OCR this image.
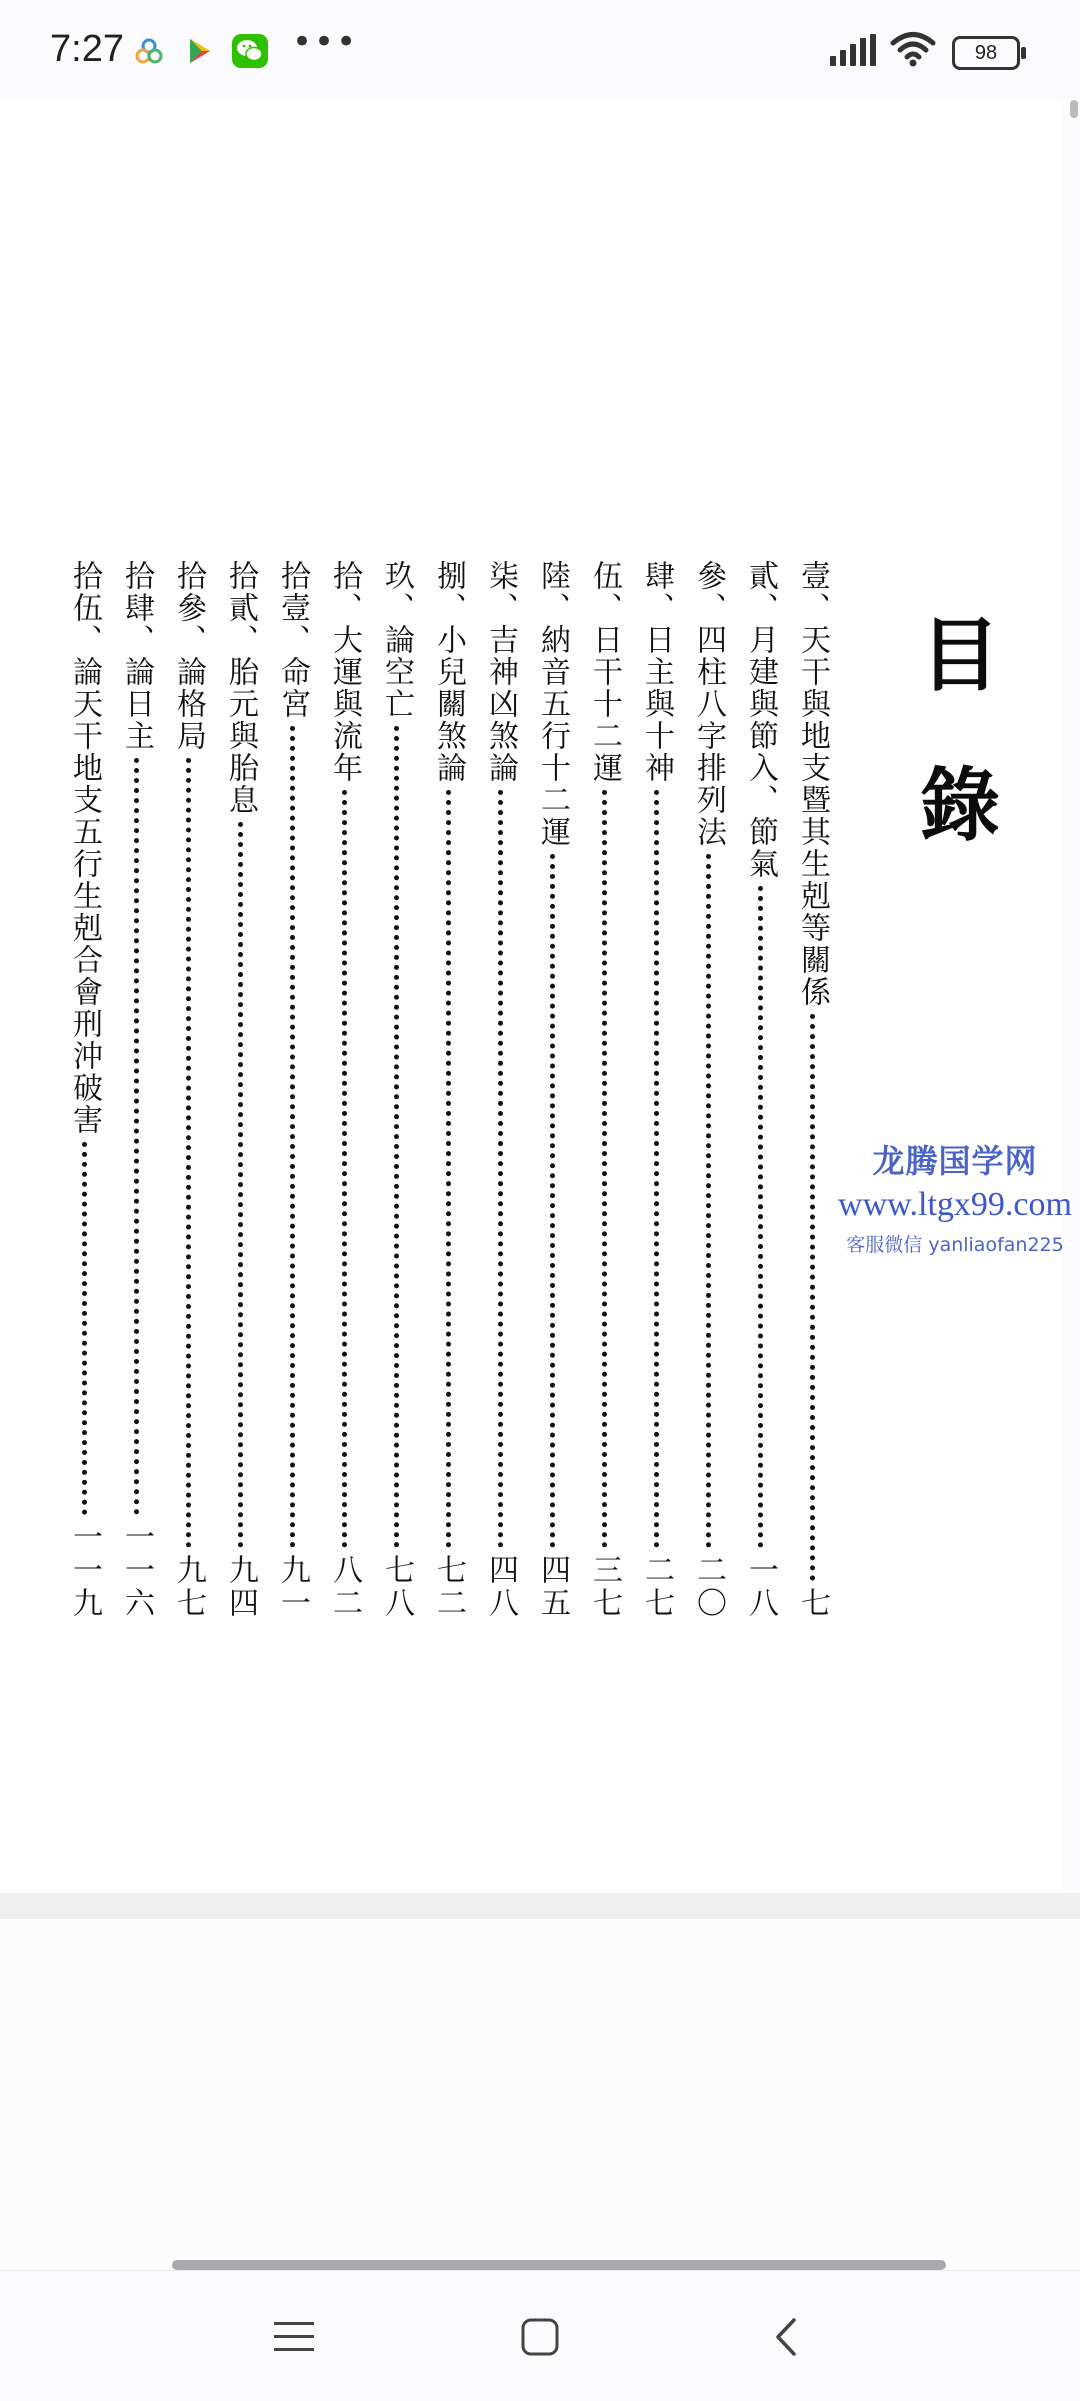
7:27	•••	98
目
錄
壹、天干與地支暨其生剋等關係
七
貳、月建與節入、節氣
一八
參、四柱八字排列法
二〇
肆、日主與十神
二七
伍、日干十二運
三七
陸、納音五行十二運
四五
柒、吉神凶煞論
四八
捌、小兒關煞論
七二
玖、論空亡
七八
拾、大運與流年
八二
拾壹、命宮
九一
拾貳、胎元與胎息
九四
拾參、論格局
九七
拾肆、論日主
一一六
拾伍、論天干地支五行生剋合會刑沖破害
一一九
龙腾国学网
www.ltgx99.com
客服微信 yanliaofan225
